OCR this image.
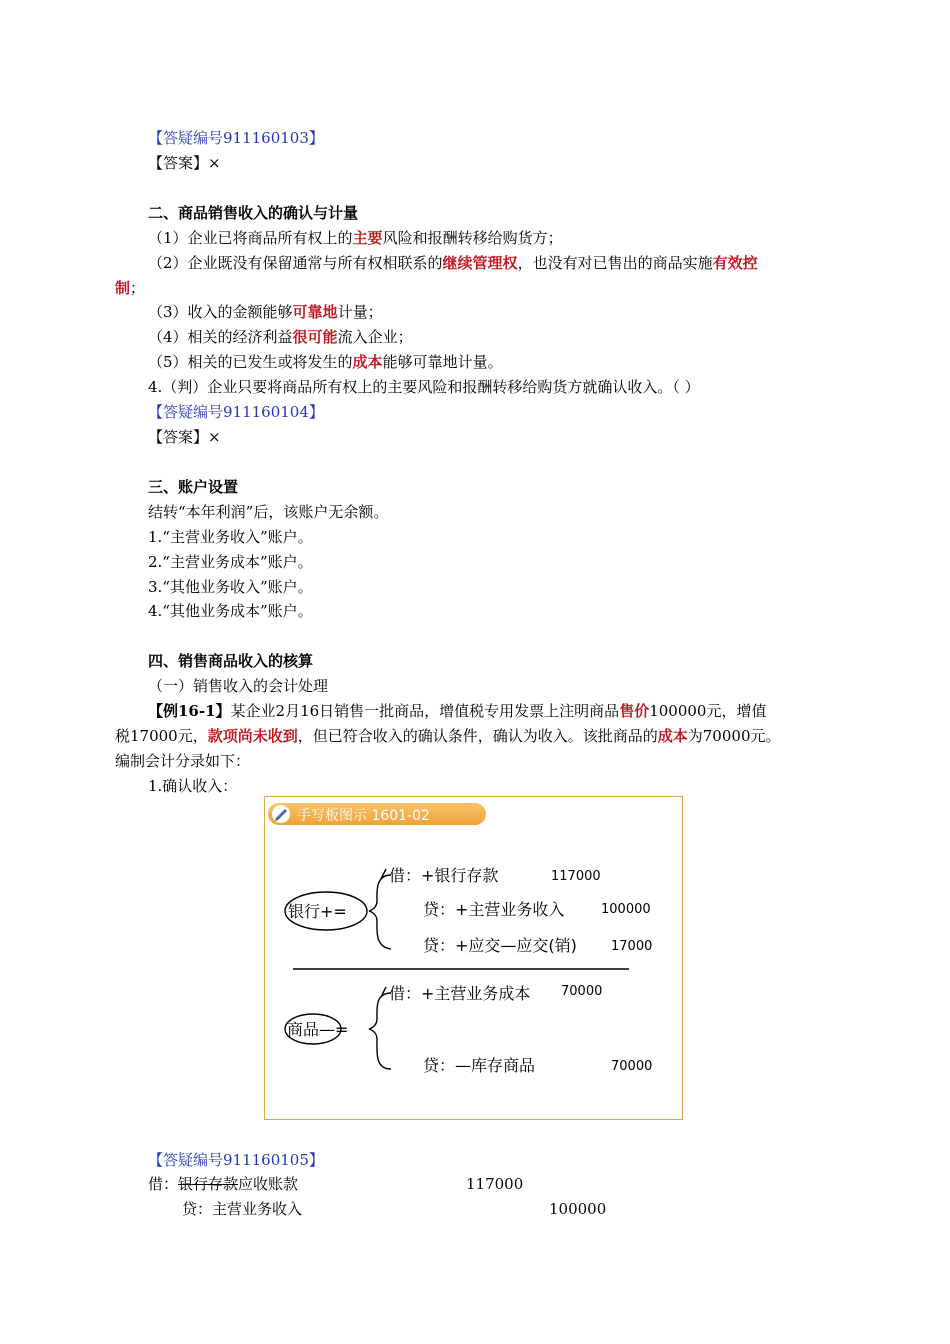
【答疑编号911160103】
【答案】×
二、商品销售收入的确认与计量
（1）企业已将商品所有权上的主要风险和报酬转移给购货方；
（2）企业既没有保留通常与所有权相联系的继续管理权，也没有对已售出的商品实施有效控
制；
（3）收入的金额能够可靠地计量；
（4）相关的经济利益很可能流入企业；
（5）相关的已发生或将发生的成本能够可靠地计量。
4.（判）企业只要将商品所有权上的主要风险和报酬转移给购货方就确认收入。（ ）
【答疑编号911160104】
【答案】×
三、账户设置
结转“本年利润”后，该账户无余额。
1.“主营业务收入”账户。
2.“主营业务成本”账户。
3.“其他业务收入”账户。
4.“其他业务成本”账户。
四、销售商品收入的核算
（一）销售收入的会计处理
【例16-1】某企业2月16日销售一批商品，增值税专用发票上注明商品售价100000元，增值
税17000元，款项尚未收到，但已符合收入的确认条件，确认为收入。该批商品的成本为70000元。
编制会计分录如下：
1.确认收入：
手写板图示 1601-02
银行+=
借：+银行存款	117000
贷：+主营业务收入	100000
贷：+应交—应交(销)	17000
商品—=
借：+主营业务成本 70000
贷：—库存商品	70000
【答疑编号911160105】
借：银行存款应收账款	117000
贷：主营业务收入	100000
